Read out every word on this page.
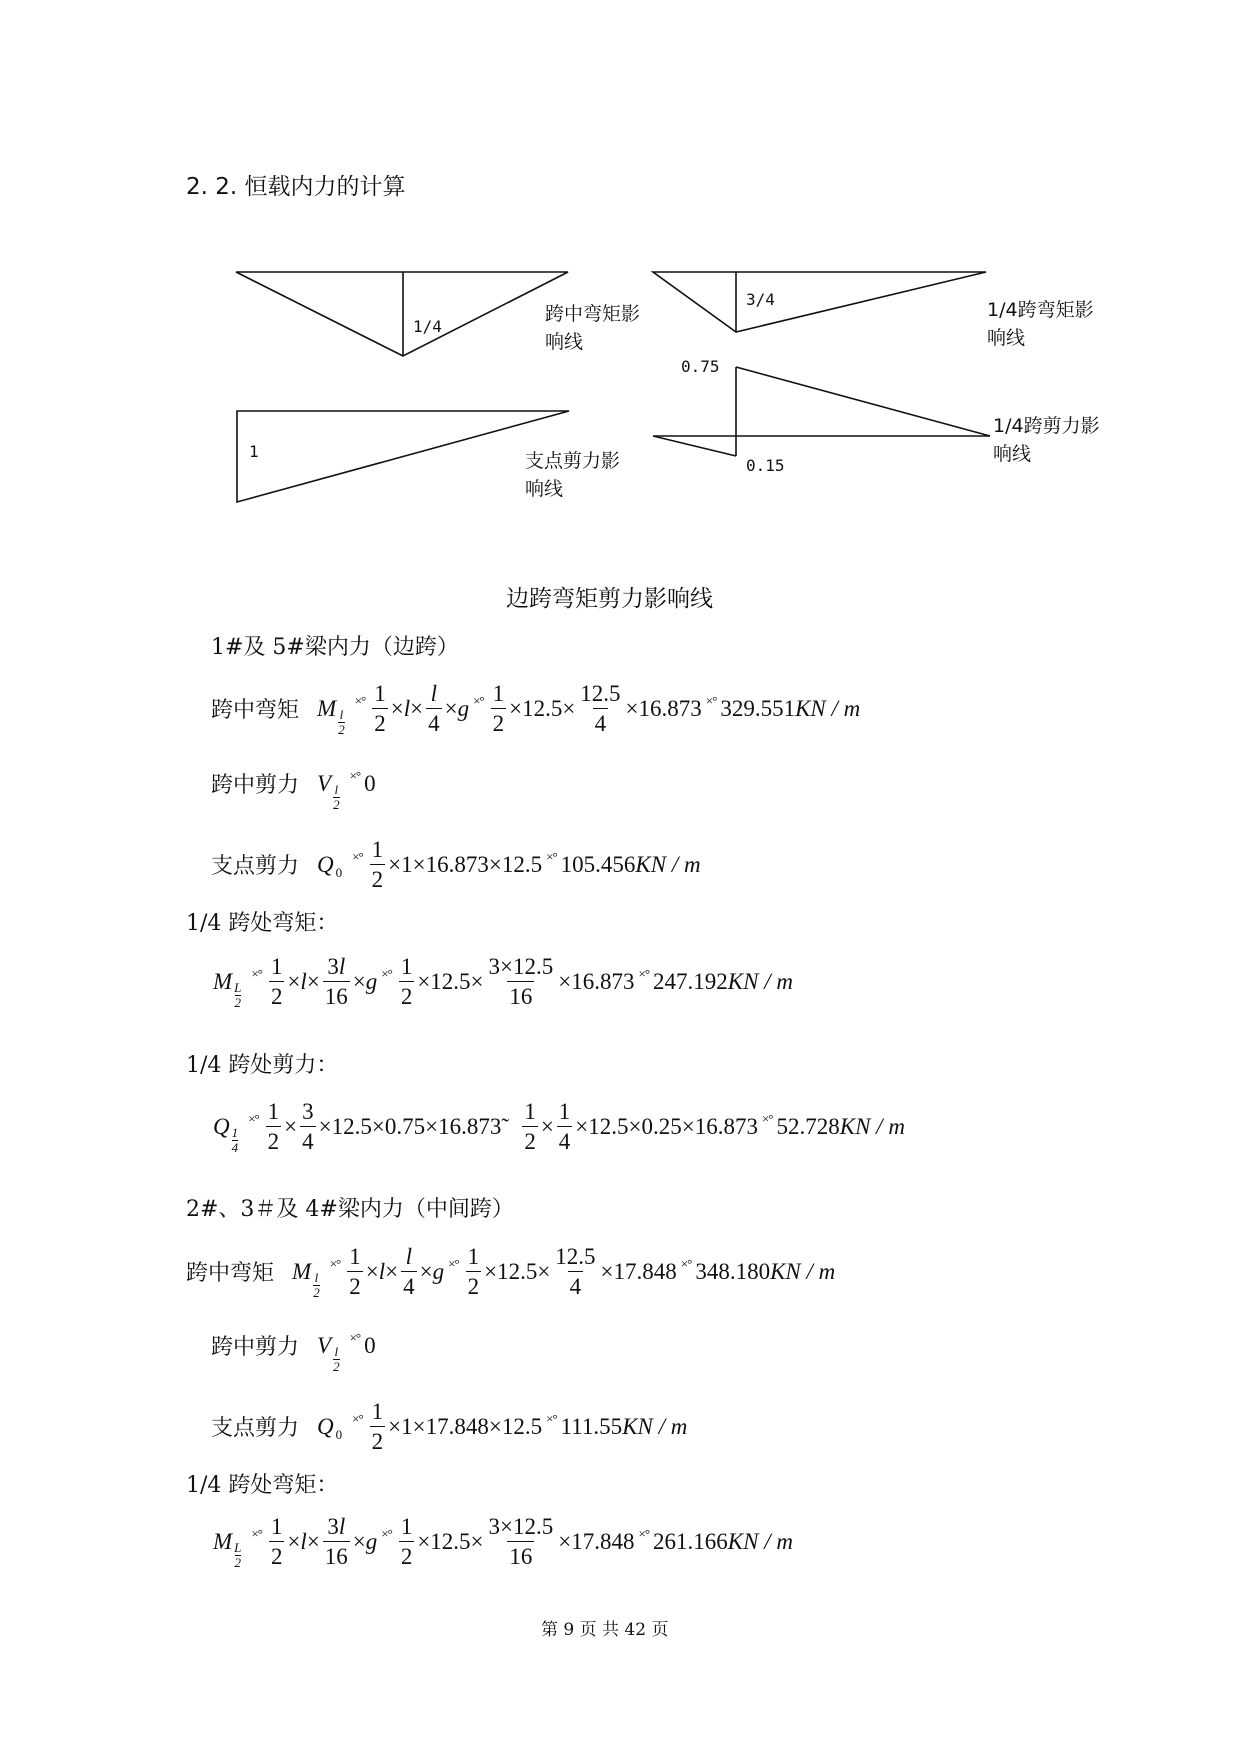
2. 2. 恒载内力的计算
1/4
3/4
1
0.75
0.15
跨中弯矩影
响线
1/4跨弯矩影
响线
支点剪力影
响线
1/4跨剪力影
响线
边跨弯矩剪力影响线
1#及 5#梁内力（边跨）
跨中弯矩 M
$\frac{l}{2}$
×° $\frac{1}{2} \times l \times \frac{l}{4} \times g$ ×° $\frac{1}{2} \times 12.5\times \frac{12.5}{4} \times 16.873$ ×° 329.551 KN / m
跨中剪力 V
$\frac{l}{2}$
×° 0
支点剪力 Q 0
×° $\frac{1}{2} \times 1\times 16.873 \times 12.5$ ×° 105.456 KN / m
1/4 跨处弯矩：
M
$\frac{L}{2}$
×° $\frac{1}{2} \times l \times \frac{3l}{16} \times g$ ×° $\frac{1}{2} \times 12.5\times \frac{3\times 12.5}{16} \times 16.873$ ×° 247.192 KN / m
1/4 跨处剪力：
Q
$\frac{1}{4}$
×° $\frac{1}{2} \times \frac{3}{4} \times 12.5\times 0.75\times 16.873 \frac{1}{2} \times \frac{1}{4} \times 12.5\times 0.25\times 16.873$ ×° 52.728 KN / m
2#、3＃及 4#梁内力（中间跨）
跨中弯矩 M
$\frac{l}{2}$
×° $\frac{1}{2} \times l \times \frac{l}{4} \times g$ ×° $\frac{1}{2} \times 12.5\times \frac{12.5}{4} \times 17.848$ ×° 348.180 KN / m
跨中剪力 V
$\frac{l}{2}$
×° 0
支点剪力 Q 0
×° $\frac{1}{2} \times 1\times 17.848 \times 12.5$ ×° 111.55 KN / m
1/4 跨处弯矩：
M
$\frac{L}{2}$
×° $\frac{1}{2} \times l \times \frac{3l}{16} \times g$ ×° $\frac{1}{2} \times 12.5\times \frac{3\times 12.5}{16} \times 17.848$ ×° 261.166 KN / m
第 9 页 共 42 页
